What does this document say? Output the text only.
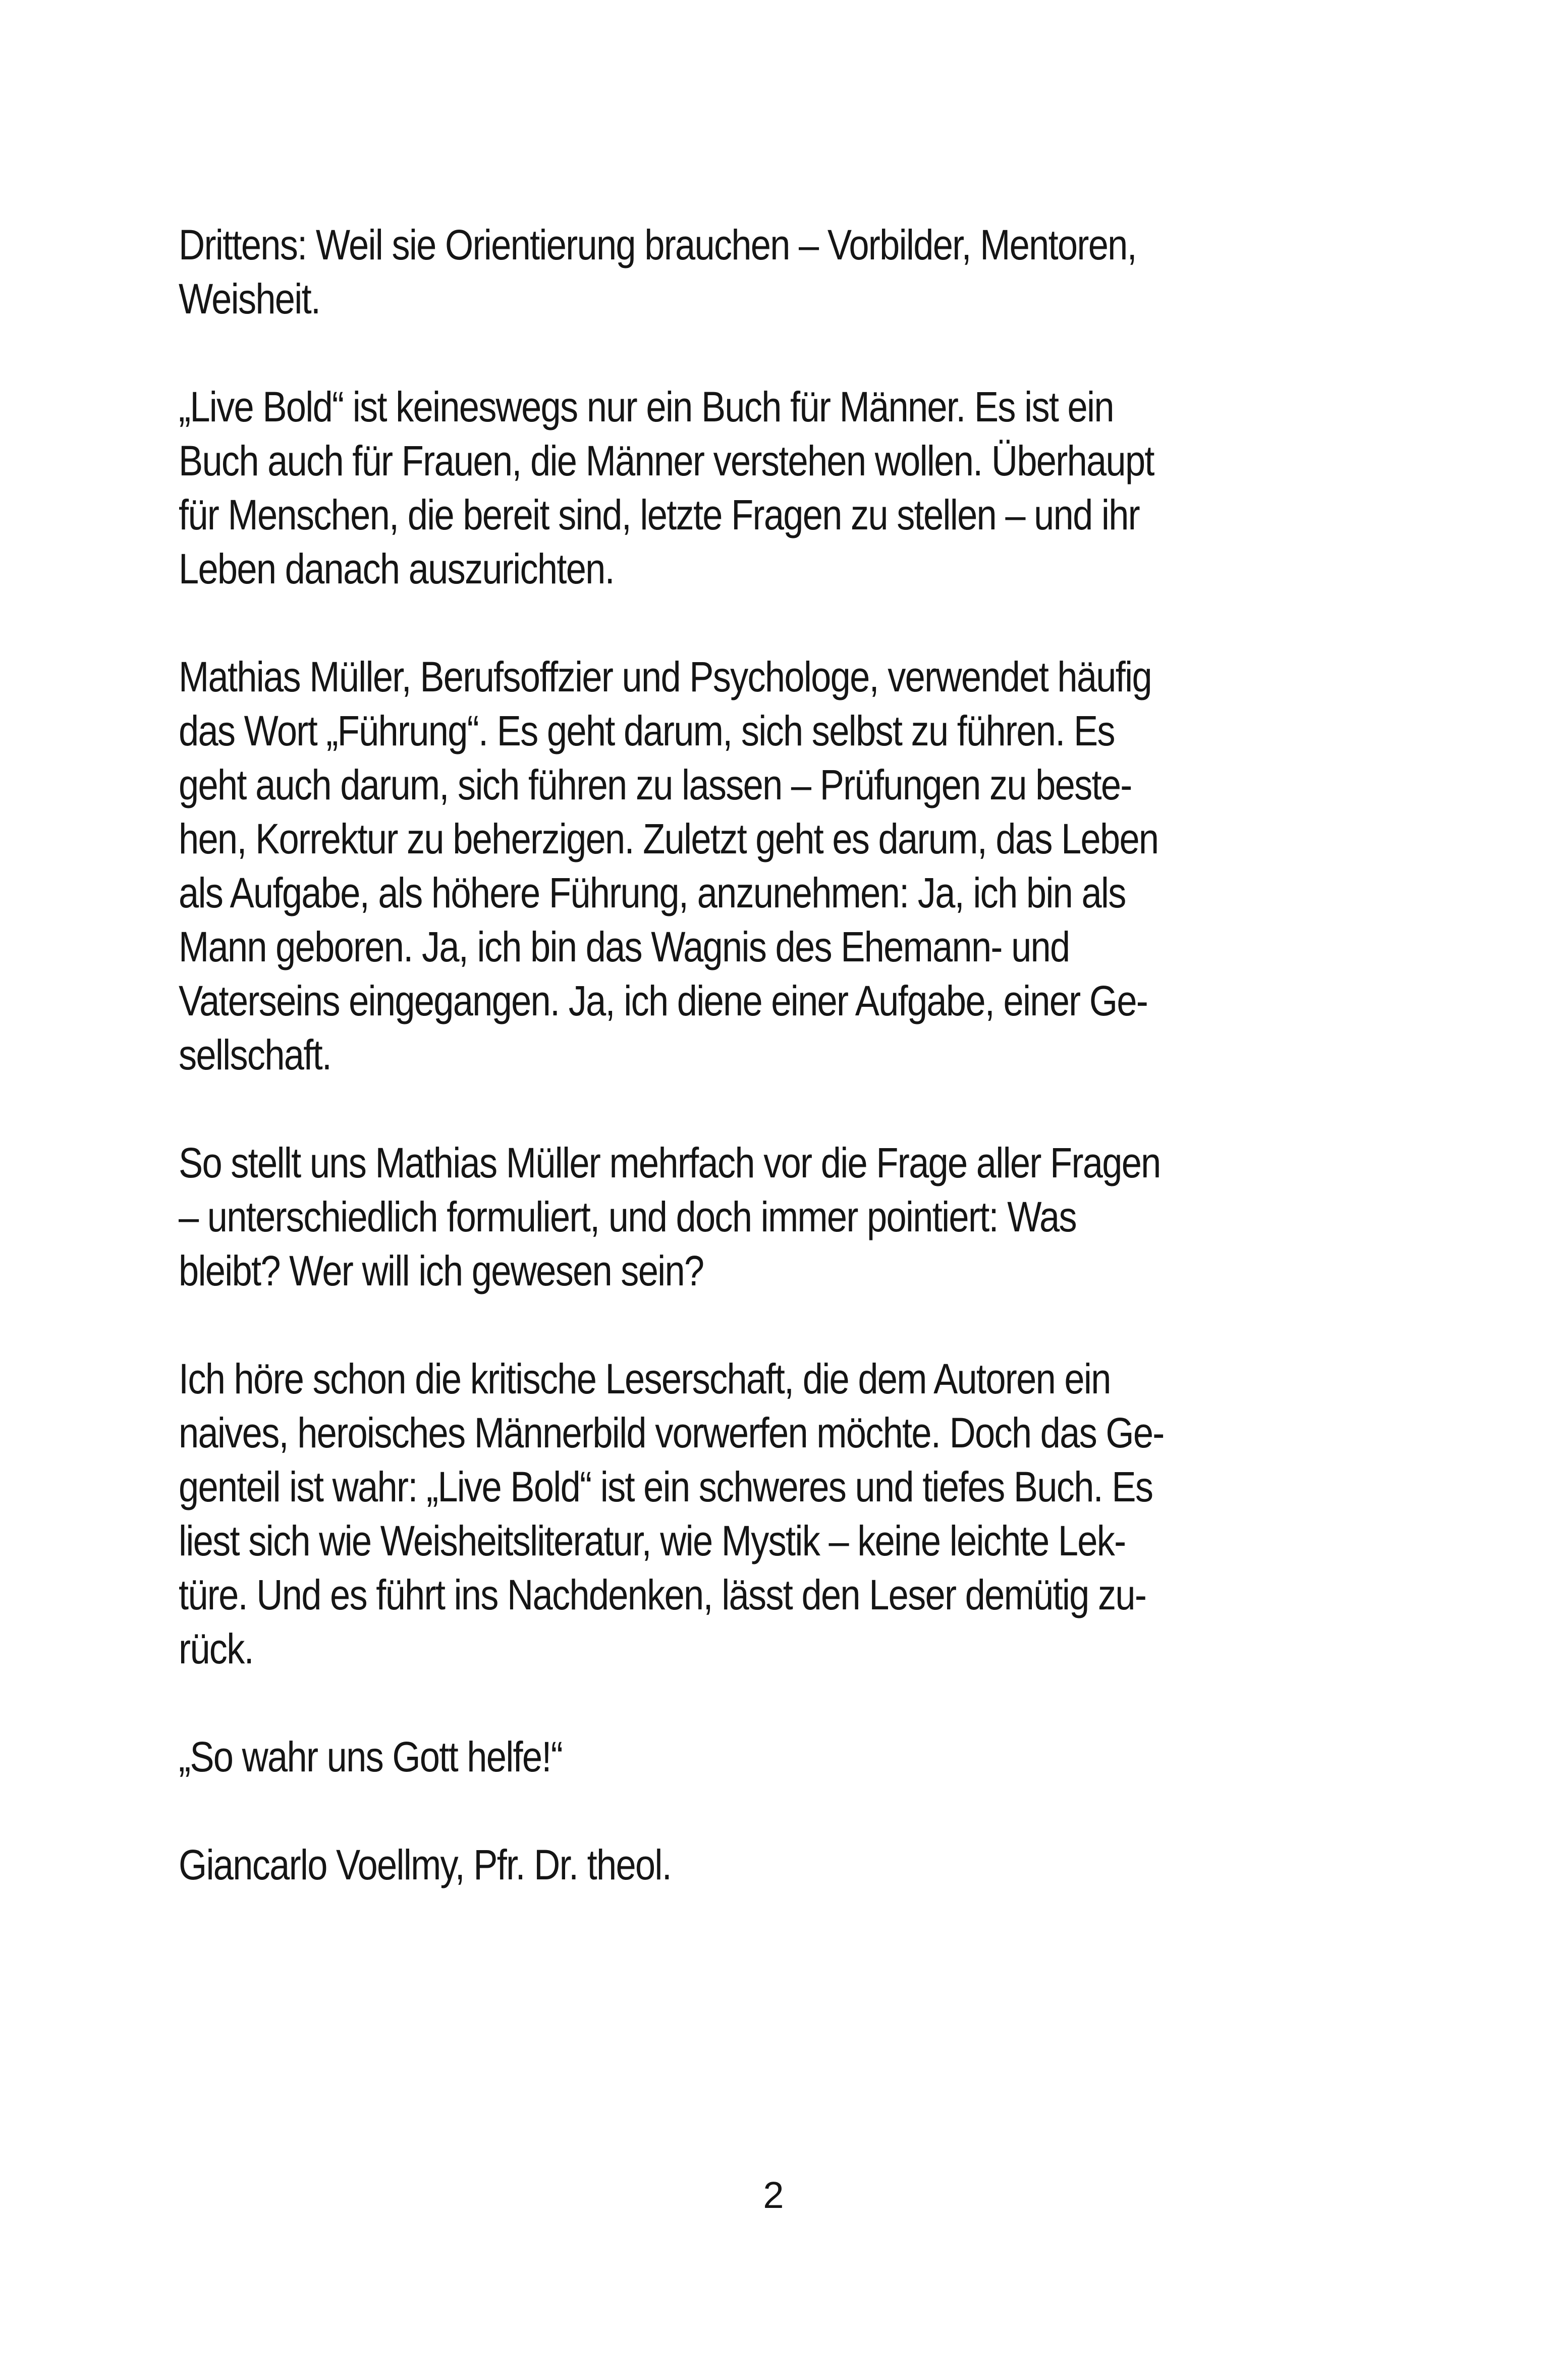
Drittens: Weil sie Orientierung brauchen – Vorbilder, Mentoren,
Weisheit.

„Live Bold“ ist keineswegs nur ein Buch für Männer. Es ist ein
Buch auch für Frauen, die Männer verstehen wollen. Überhaupt
für Menschen, die bereit sind, letzte Fragen zu stellen – und ihr
Leben danach auszurichten.

Mathias Müller, Berufsoffzier und Psychologe, verwendet häufig
das Wort „Führung“. Es geht darum, sich selbst zu führen. Es
geht auch darum, sich führen zu lassen – Prüfungen zu beste-
hen, Korrektur zu beherzigen. Zuletzt geht es darum, das Leben
als Aufgabe, als höhere Führung, anzunehmen: Ja, ich bin als
Mann geboren. Ja, ich bin das Wagnis des Ehemann- und
Vaterseins eingegangen. Ja, ich diene einer Aufgabe, einer Ge-
sellschaft.

So stellt uns Mathias Müller mehrfach vor die Frage aller Fragen
– unterschiedlich formuliert, und doch immer pointiert: Was
bleibt? Wer will ich gewesen sein?

Ich höre schon die kritische Leserschaft, die dem Autoren ein
naives, heroisches Männerbild vorwerfen möchte. Doch das Ge-
genteil ist wahr: „Live Bold“ ist ein schweres und tiefes Buch. Es
liest sich wie Weisheitsliteratur, wie Mystik – keine leichte Lek-
türe. Und es führt ins Nachdenken, lässt den Leser demütig zu-
rück.

„So wahr uns Gott helfe!“

Giancarlo Voellmy, Pfr. Dr. theol.

2
